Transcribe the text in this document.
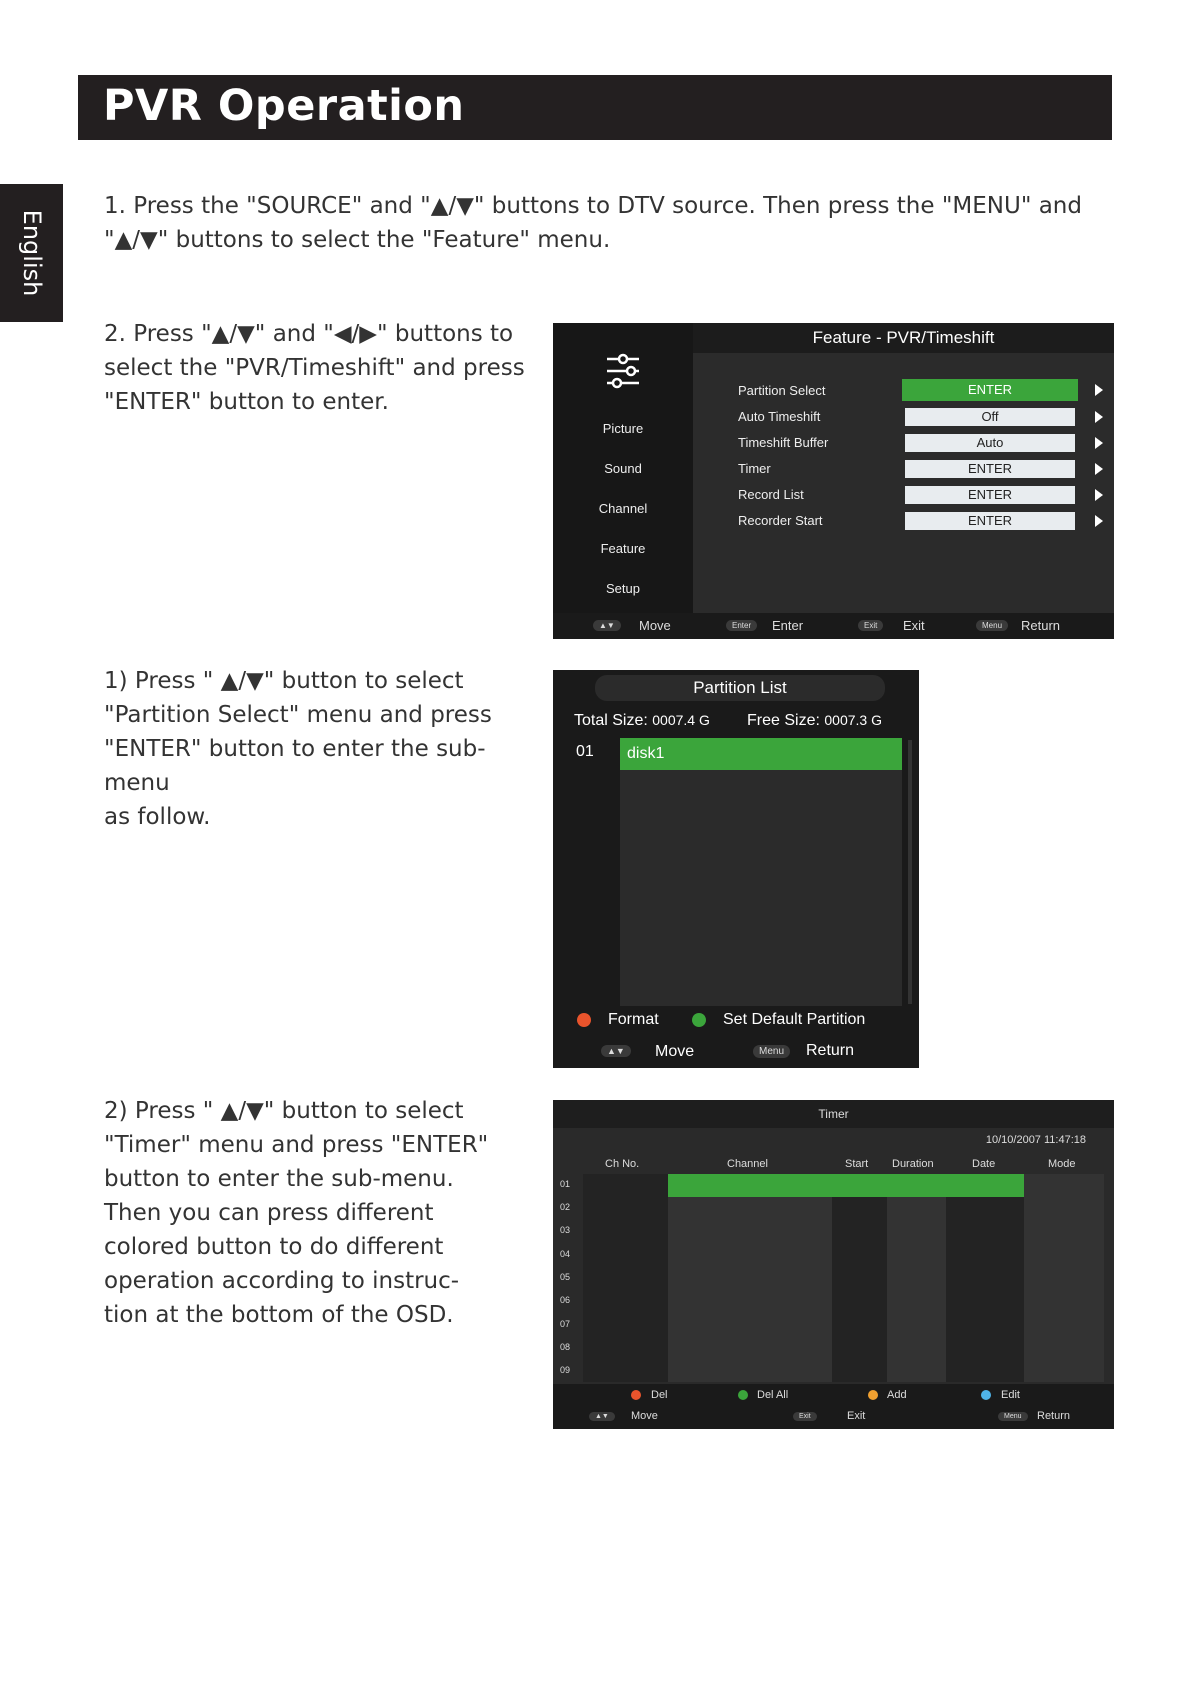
PVR Operation
English
1. Press the "SOURCE" and "▲/▼" buttons to DTV source. Then press the "MENU" and
"▲/▼" buttons to select the "Feature" menu.
2. Press "▲/▼" and "◀/▶" buttons to
select the "PVR/Timeshift" and press
"ENTER" button to enter.
1) Press " ▲/▼" button to select
"Partition Select" menu and press
"ENTER" button to enter the sub-menu
as follow.
2) Press " ▲/▼" button to select
"Timer" menu and press "ENTER"
button to enter the sub-menu.
Then you can press different
colored button to do different
operation according to instruc-
tion at the bottom of the OSD.
Picture
Sound
Channel
Feature
Setup
Feature - PVR/Timeshift
Partition Select	ENTER
Auto Timeshift	Off
Timeshift Buffer	Auto
Timer	ENTER
Record List	ENTER
Recorder Start	ENTER
▲▼	Move	Enter	Enter	Exit	Exit	Menu	Return
Partition List
Total Size: 0007.4 G Free Size: 0007.3 G
01	disk1
Format	Set Default Partition
▲▼	Move	Menu	Return
Timer
10/10/2007 11:47:18
Ch No.	Channel	Start Duration	Date	Mode
01
02
03
04
05
06
07
08
09
Del	Del All	Add	Edit
▲▼	Move	Exit	Exit	Menu	Return
